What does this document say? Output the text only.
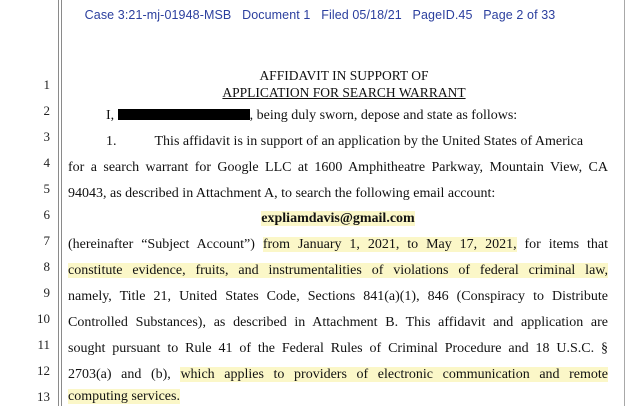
Case 3:21-mj-01948-MSB Document 1 Filed 05/18/21 PageID.45 Page 2 of 33
1
2
3
4
5
6
7
8
9
10
11
12
13
AFFIDAVIT IN SUPPORT OF
APPLICATION FOR SEARCH WARRANT
I,	, being duly sworn, depose and state as follows:
1.	This affidavit is in support of an application by the United States of America
for a search warrant for Google LLC at 1600 Amphitheatre Parkway, Mountain View, CA
94043, as described in Attachment A, to search the following email account:
expliamdavis@gmail.com
(hereinafter “Subject Account”) from January 1, 2021, to May 17, 2021, for items that
constitute evidence, fruits, and instrumentalities of violations of federal criminal law,
namely, Title 21, United States Code, Sections 841(a)(1), 846 (Conspiracy to Distribute
Controlled Substances), as described in Attachment B. This affidavit and application are
sought pursuant to Rule 41 of the Federal Rules of Criminal Procedure and 18 U.S.C. §
2703(a) and (b), which applies to providers of electronic communication and remote
computing services.
